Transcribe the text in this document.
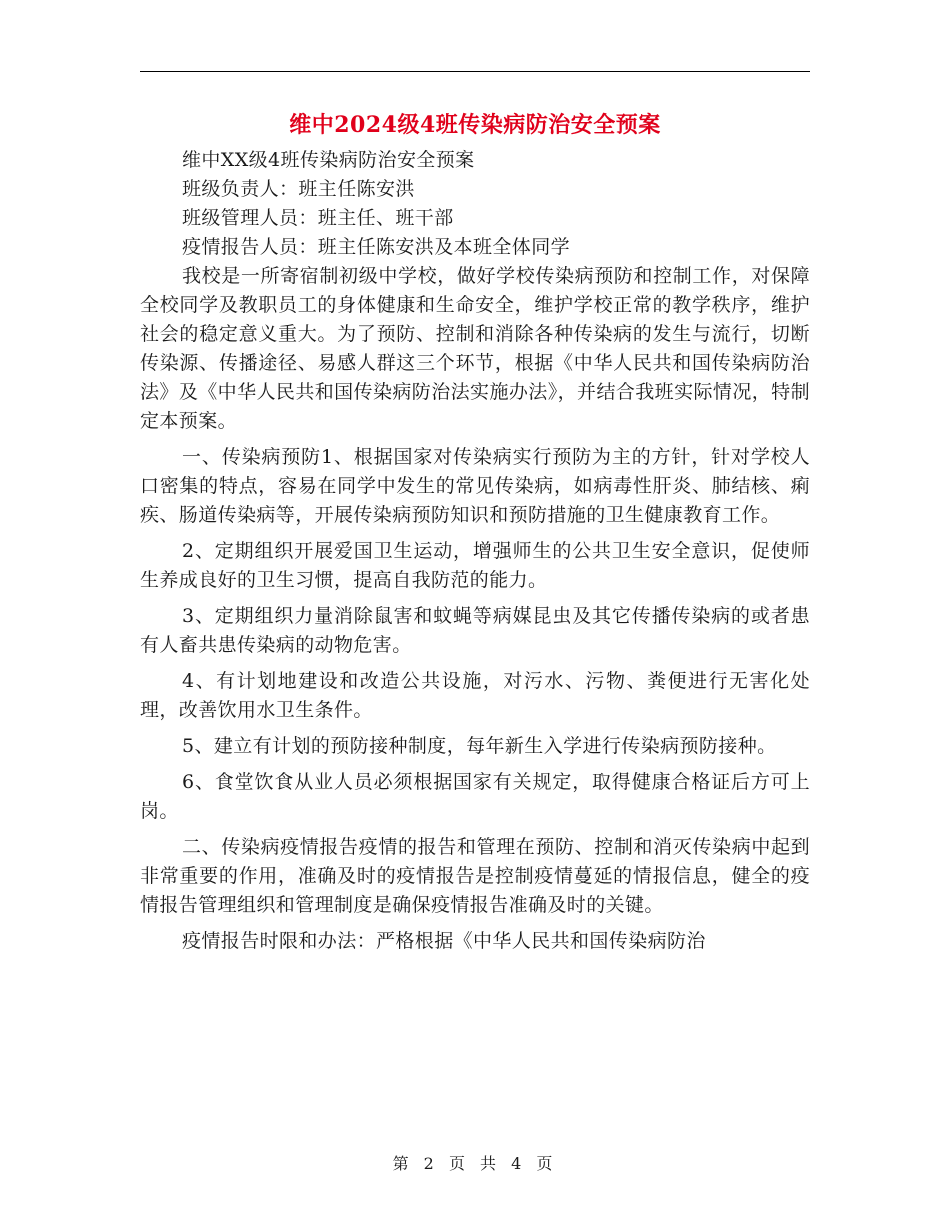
维中2024级4班传染病防治安全预案

维中XX级4班传染病防治安全预案

班级负责人：班主任陈安洪

班级管理人员：班主任、班干部

疫情报告人员：班主任陈安洪及本班全体同学

我校是一所寄宿制初级中学校，做好学校传染病预防和控制工作，对保障全校同学及教职员工的身体健康和生命安全，维护学校正常的教学秩序，维护社会的稳定意义重大。为了预防、控制和消除各种传染病的发生与流行，切断传染源、传播途径、易感人群这三个环节，根据《中华人民共和国传染病防治法》及《中华人民共和国传染病防治法实施办法》，并结合我班实际情况，特制定本预案。

一、传染病预防1、根据国家对传染病实行预防为主的方针，针对学校人口密集的特点，容易在同学中发生的常见传染病，如病毒性肝炎、肺结核、痢疾、肠道传染病等，开展传染病预防知识和预防措施的卫生健康教育工作。

2、定期组织开展爱国卫生运动，增强师生的公共卫生安全意识，促使师生养成良好的卫生习惯，提高自我防范的能力。

3、定期组织力量消除鼠害和蚊蝇等病媒昆虫及其它传播传染病的或者患有人畜共患传染病的动物危害。

4、有计划地建设和改造公共设施，对污水、污物、粪便进行无害化处理，改善饮用水卫生条件。

5、建立有计划的预防接种制度，每年新生入学进行传染病预防接种。

6、食堂饮食从业人员必须根据国家有关规定，取得健康合格证后方可上岗。

二、传染病疫情报告疫情的报告和管理在预防、控制和消灭传染病中起到非常重要的作用，准确及时的疫情报告是控制疫情蔓延的情报信息，健全的疫情报告管理组织和管理制度是确保疫情报告准确及时的关键。

疫情报告时限和办法：严格根据《中华人民共和国传染病防治

第 2 页 共 4 页
